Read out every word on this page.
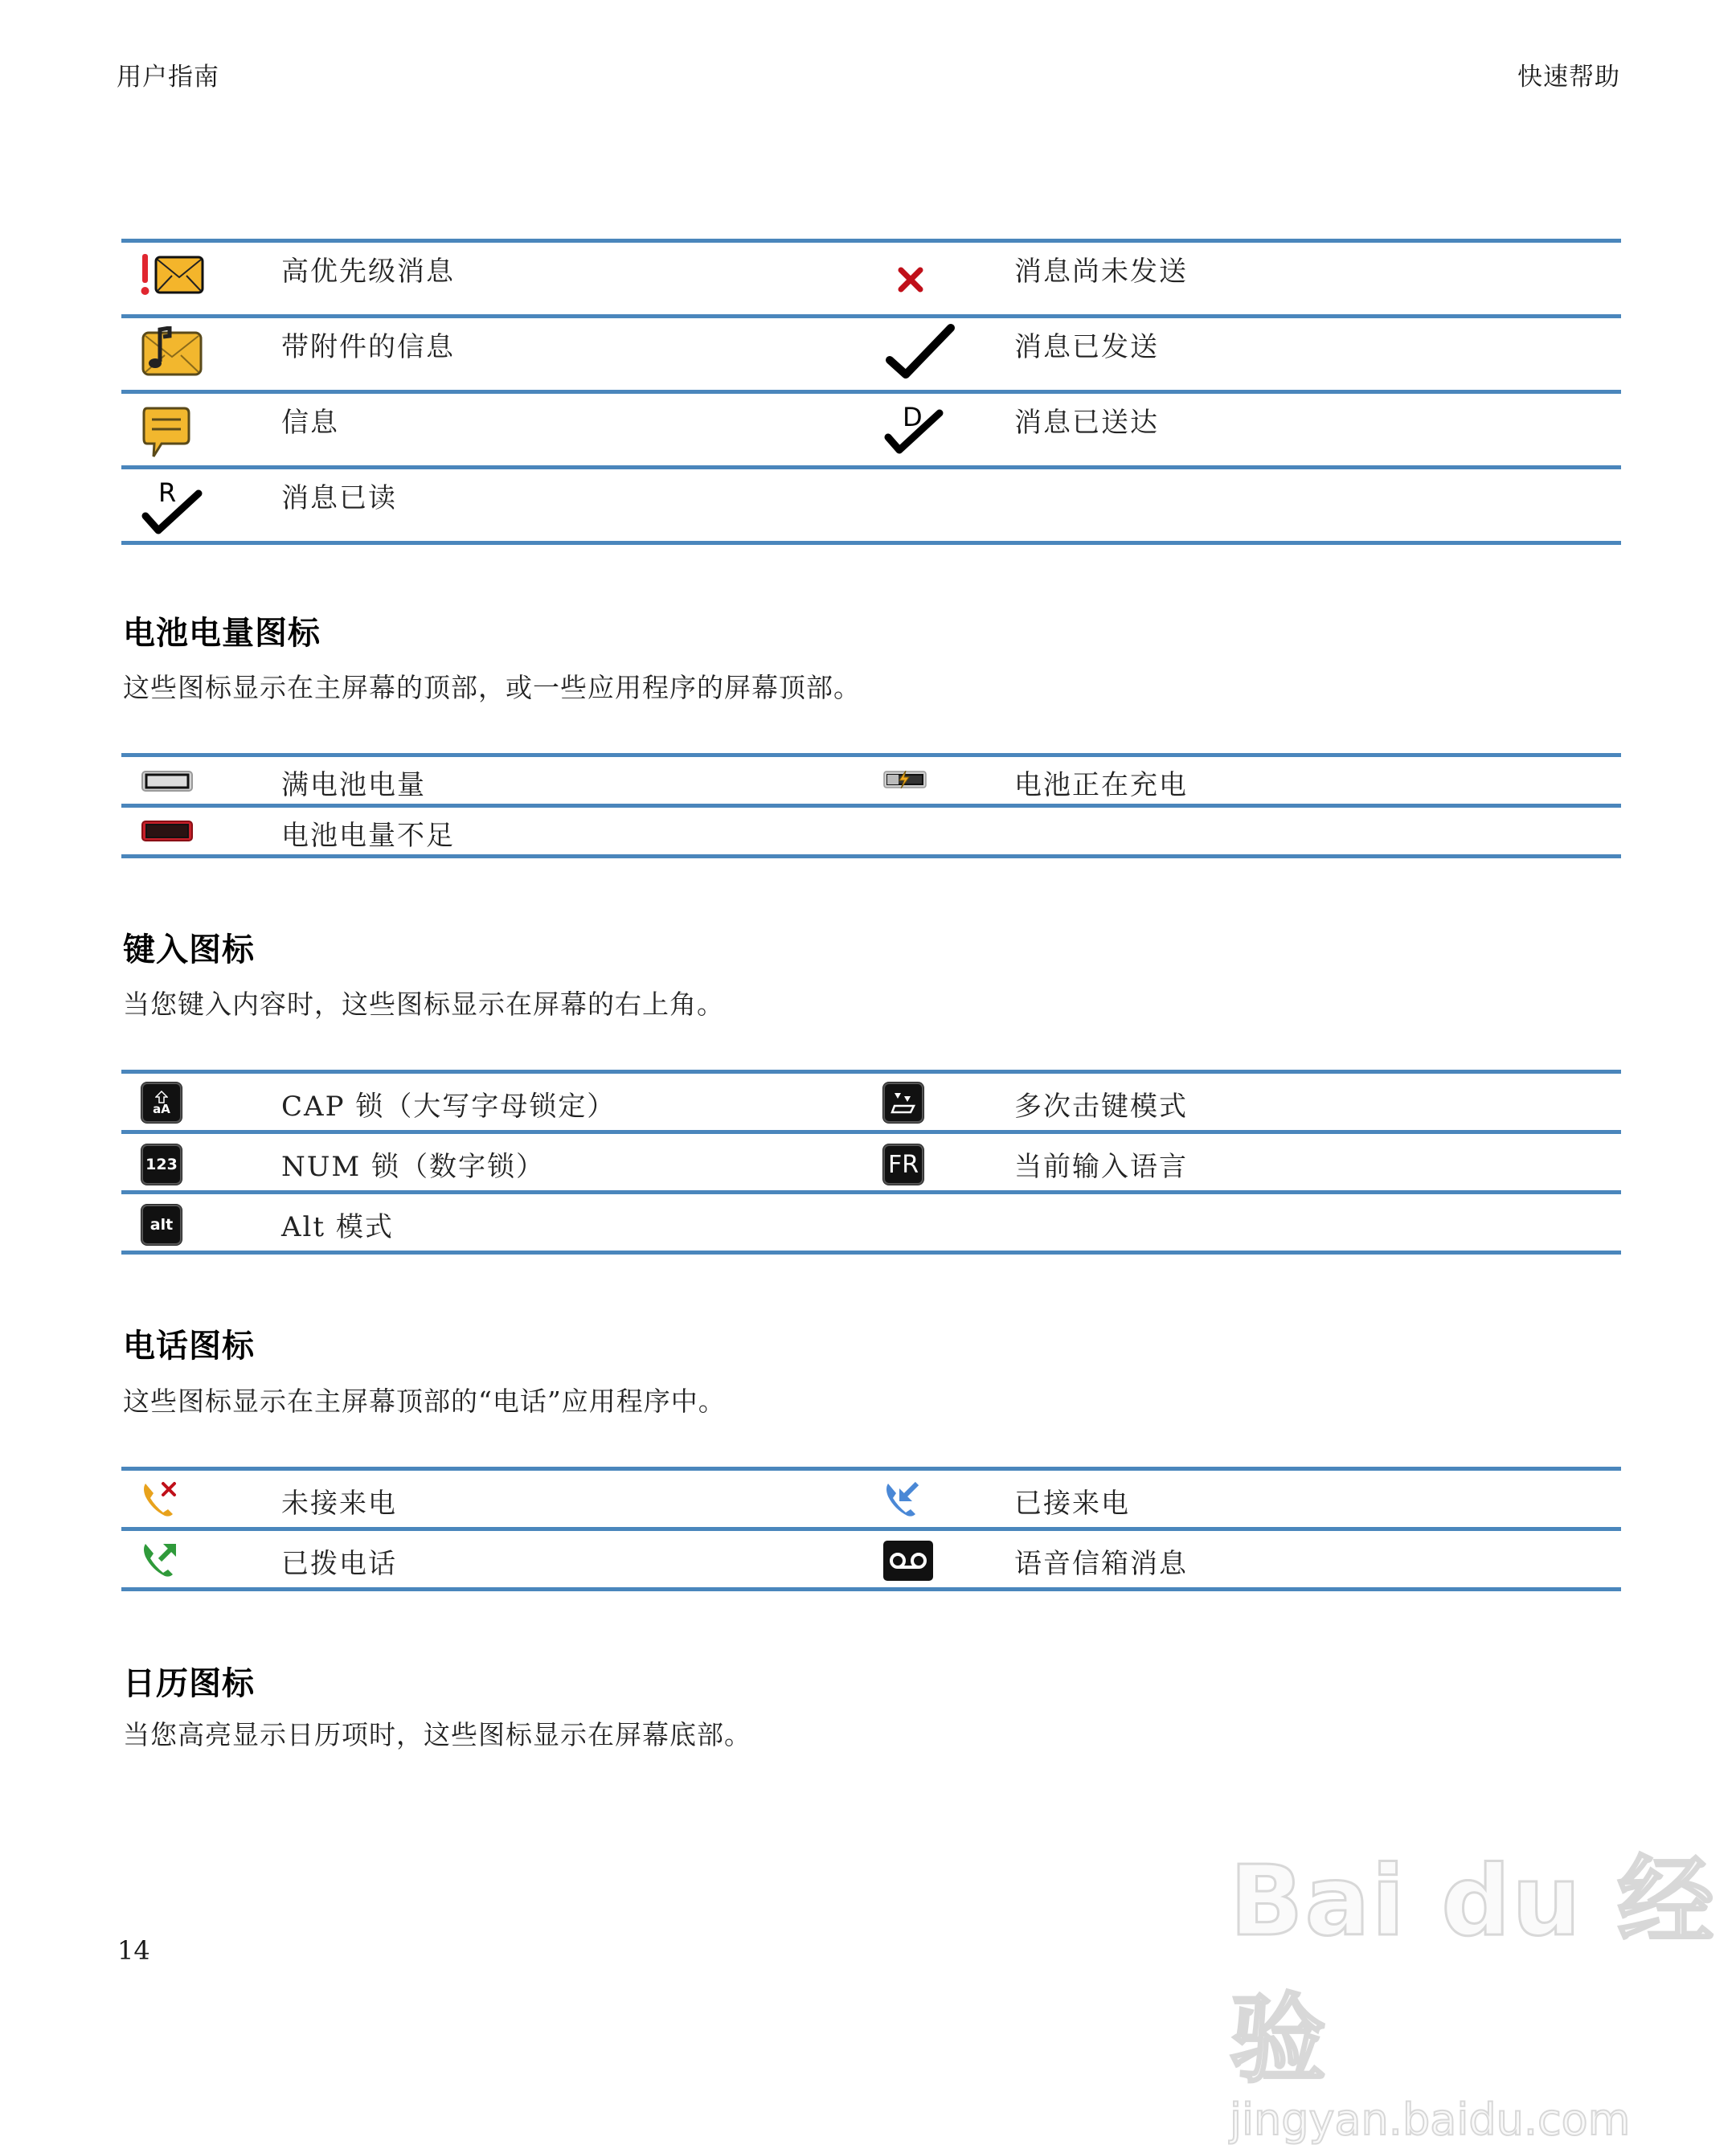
用户指南	快速帮助
高优先级消息	消息尚未发送
带附件的信息	消息已发送
信息	D	消息已送达
R	消息已读
电池电量图标
这些图标显示在主屏幕的顶部，或一些应用程序的屏幕顶部。
满电池电量	电池正在充电
电池电量不足
键入图标
当您键入内容时，这些图标显示在屏幕的右上角。
aA	CAP 锁（大写字母锁定）	多次击键模式
123	NUM 锁（数字锁）	FR	当前输入语言
alt	Alt 模式
电话图标
这些图标显示在主屏幕顶部的“电话”应用程序中。
未接来电	已接来电
已拨电话	语音信箱消息
日历图标
当您高亮显示日历项时，这些图标显示在屏幕底部。
14	Bai du 经验
jingyan.baidu.com
